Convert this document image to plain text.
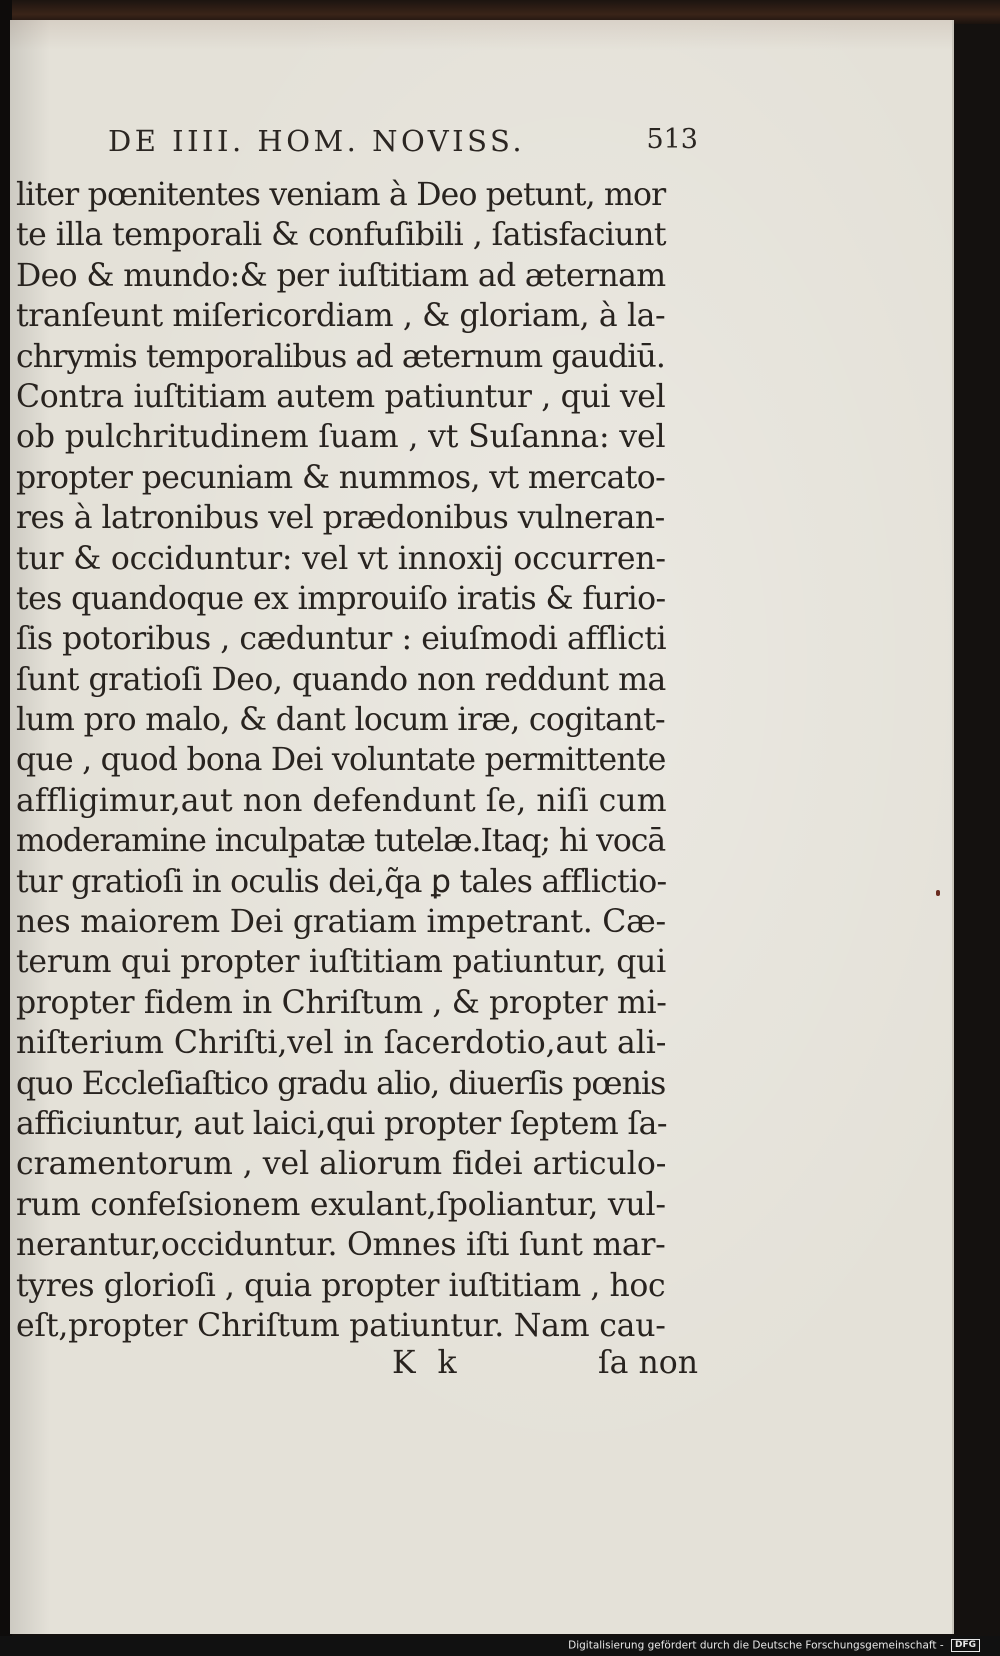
DE IIII. HOM. NOVISS.	513
liter pœnitentes veniam à Deo petunt, mor
te illa temporali & confuſibili , ſatisfaciunt
Deo & mundo:& per iuſtitiam ad æternam
tranſeunt miſericordiam , & gloriam, à la-
chrymis temporalibus ad æternum gaudiū.
Contra iuſtitiam autem patiuntur , qui vel
ob pulchritudinem ſuam , vt Suſanna: vel
propter pecuniam & nummos, vt mercato-
res à latronibus vel prædonibus vulneran-
tur & occiduntur: vel vt innoxij occurren-
tes quandoque ex improuiſo iratis & furio-
ſis potoribus , cæduntur : eiuſmodi afflicti
ſunt gratioſi Deo, quando non reddunt ma
lum pro malo, & dant locum iræ, cogitant-
que , quod bona Dei voluntate permittente
affligimur,aut non defendunt ſe, niſi cum
moderamine inculpatæ tutelæ.Itaq; hi vocā
tur gratioſi in oculis dei,q̃a ꝑ tales afflictio-
nes maiorem Dei gratiam impetrant. Cæ-
terum qui propter iuſtitiam patiuntur, qui
propter fidem in Chriſtum , & propter mi-
niſterium Chriſti,vel in ſacerdotio,aut ali-
quo Eccleſiaſtico gradu alio, diuerſis pœnis
afficiuntur, aut laici,qui propter ſeptem ſa-
cramentorum , vel aliorum fidei articulo-
rum confeſsionem exulant,ſpoliantur, vul-
nerantur,occiduntur. Omnes iſti ſunt mar-
tyres glorioſi , quia propter iuſtitiam , hoc
eſt,propter Chriſtum patiuntur. Nam cau-
K k	ſa non
Digitalisierung gefördert durch die Deutsche Forschungsgemeinschaft - DFG
